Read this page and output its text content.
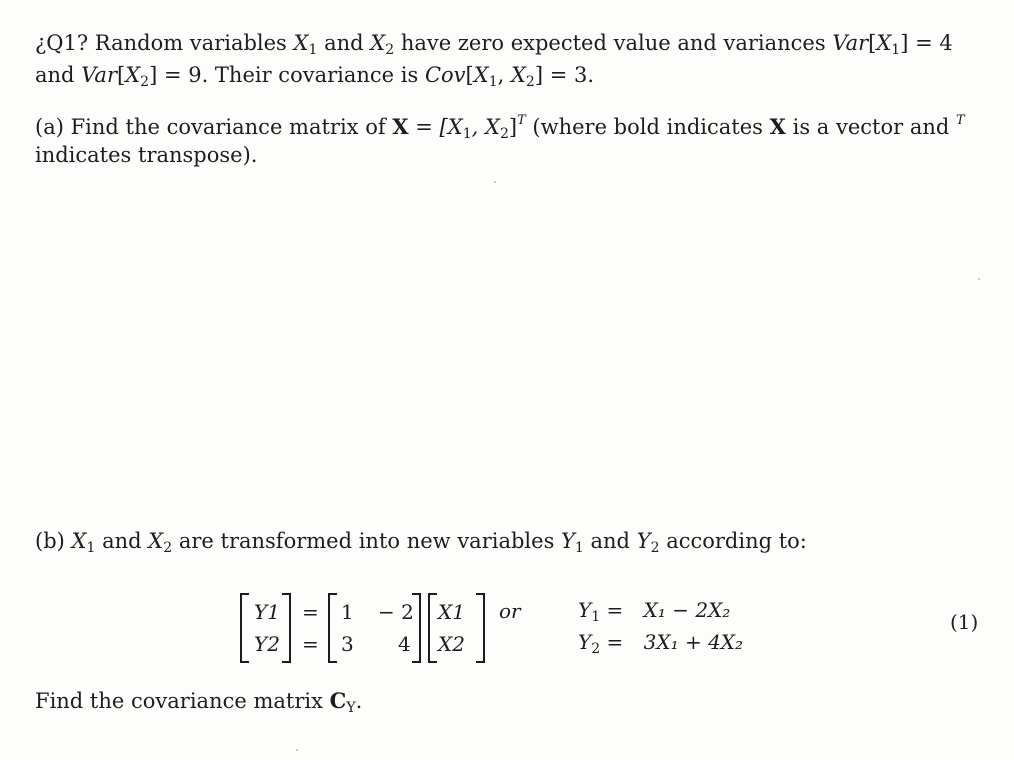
¿Q1? Random variables $X_1$ and $X_2$ have zero expected value and variances $Var[X_1] = 4$
and $Var[X_2] = 9$. Their covariance is $Cov[X_1$, $X_2] = 3$.
(a) Find the covariance matrix of $X = [X_1$, $X_2]^T$ (where bold indicates X is a vector and $^T$
indicates transpose).
(b) $X_1$ and $X_2$ are transformed into new variables $Y_1$ and $Y_2$ according to:
Y1
Y2
=
=
1 − 2
3 4
X1
X2
or	$Y_1 = X_1 - 2X_2$
$Y_2 = 3X_1 + 4X_2$
(1)
Find the covariance matrix $C_Y$.
